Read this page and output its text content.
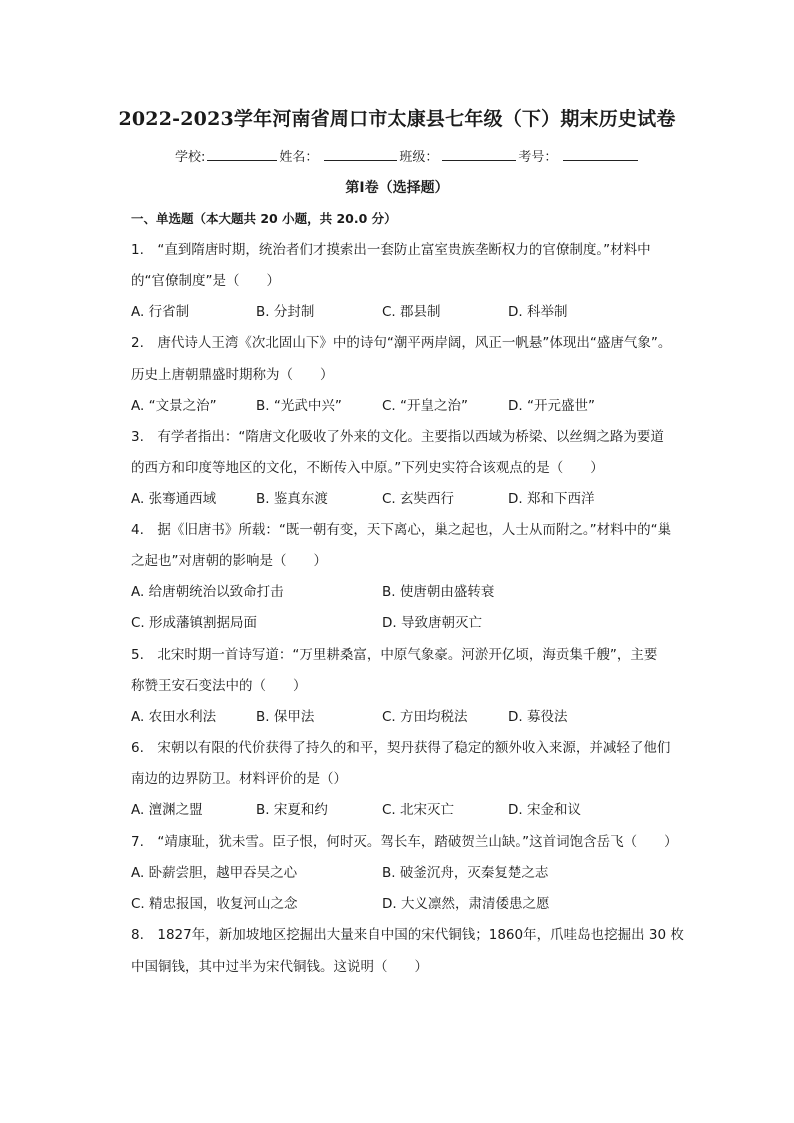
2022-2023学年河南省周口市太康县七年级（下）期末历史试卷
学校:	姓名：	班级：	考号：
第I卷（选择题）
一、单选题（本大题共 20 小题，共 20.0 分）
1.　“直到隋唐时期，统治者们才摸索出一套防止富室贵族垄断权力的官僚制度。”材料中
的“官僚制度”是（　　）
A. 行省制	B. 分封制	C. 郡县制	D. 科举制
2.　唐代诗人王湾《次北固山下》中的诗句“潮平两岸阔，风正一帆悬”体现出“盛唐气象”。
历史上唐朝鼎盛时期称为（　　）
A. “文景之治”	B. “光武中兴”	C. “开皇之治”	D. “开元盛世”
3.　有学者指出：“隋唐文化吸收了外来的文化。主要指以西域为桥梁、以丝绸之路为要道
的西方和印度等地区的文化，不断传入中原。”下列史实符合该观点的是（　　）
A. 张骞通西域	B. 鉴真东渡	C. 玄奘西行	D. 郑和下西洋
4.　据《旧唐书》所载：“既一朝有变，天下离心，巢之起也，人士从而附之。”材料中的“巢
之起也”对唐朝的影响是（　　）
A. 给唐朝统治以致命打击	B. 使唐朝由盛转衰
C. 形成藩镇割据局面	D. 导致唐朝灭亡
5.　北宋时期一首诗写道：“万里耕桑富，中原气象豪。河淤开亿顷，海贡集千艘”，主要
称赞王安石变法中的（　　）
A. 农田水利法	B. 保甲法	C. 方田均税法	D. 募役法
6.　宋朝以有限的代价获得了持久的和平，契丹获得了稳定的额外收入来源，并减轻了他们
南边的边界防卫。材料评价的是（）
A. 澶渊之盟	B. 宋夏和约	C. 北宋灭亡	D. 宋金和议
7.　“靖康耻，犹未雪。臣子恨，何时灭。驾长车，踏破贺兰山缺。”这首词饱含岳飞（　　）
A. 卧薪尝胆，越甲吞吴之心	B. 破釜沉舟，灭秦复楚之志
C. 精忠报国，收复河山之念	D. 大义凛然，肃清倭患之愿
8.　1827年，新加坡地区挖掘出大量来自中国的宋代铜钱；1860年，爪哇岛也挖掘出 30 枚
中国铜钱，其中过半为宋代铜钱。这说明（　　）
